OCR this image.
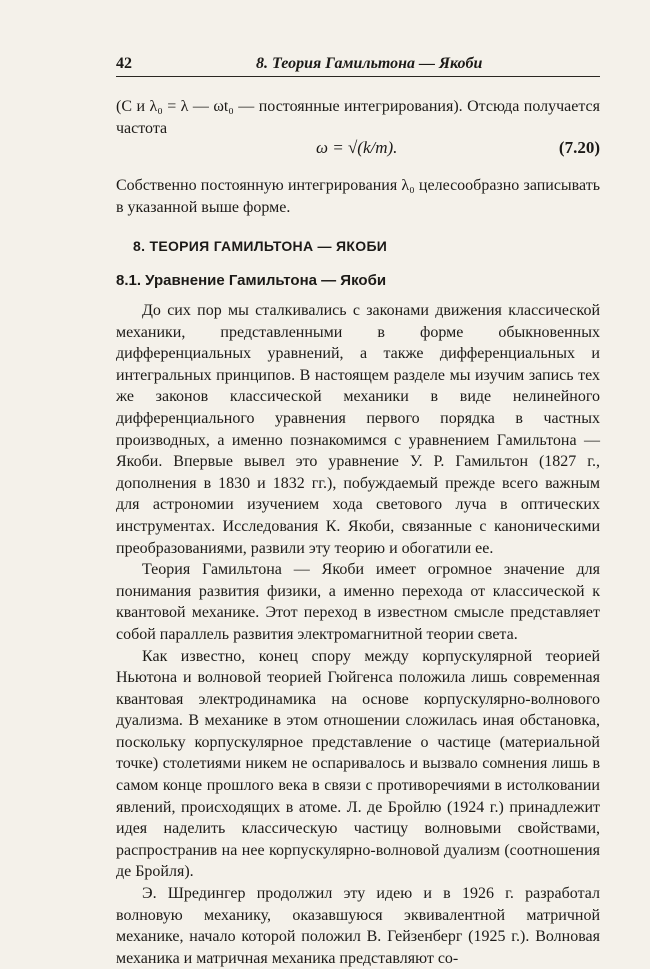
42	8. Теория Гамильтона — Якоби

(C и λ₀ = λ — ωt₀ — постоянные интегрирования). Отсюда получается частота

ω = √(k/m).	(7.20)

Собственно постоянную интегрирования λ₀ целесообразно записывать в указанной выше форме.

8. ТЕОРИЯ ГАМИЛЬТОНА — ЯКОБИ
8.1. Уравнение Гамильтона — Якоби

До сих пор мы сталкивались с законами движения классической механики, представленными в форме обыкновенных дифференциальных уравнений, а также дифференциальных и интегральных принципов. В настоящем разделе мы изучим запись тех же законов классической механики в виде нелинейного дифференциального уравнения первого порядка в частных производных, а именно познакомимся с уравнением Гамильтона — Якоби. Впервые вывел это уравнение У. Р. Гамильтон (1827 г., дополнения в 1830 и 1832 гг.), побуждаемый прежде всего важным для астрономии изучением хода светового луча в оптических инструментах. Исследования К. Якоби, связанные с каноническими преобразованиями, развили эту теорию и обогатили ее.

Теория Гамильтона — Якоби имеет огромное значение для понимания развития физики, а именно перехода от классической к квантовой механике. Этот переход в известном смысле представляет собой параллель развития электромагнитной теории света.

Как известно, конец спору между корпускулярной теорией Ньютона и волновой теорией Гюйгенса положила лишь современная квантовая электродинамика на основе корпускулярно-волнового дуализма. В механике в этом отношении сложилась иная обстановка, поскольку корпускулярное представление о частице (материальной точке) столетиями никем не оспаривалось и вызвало сомнения лишь в самом конце прошлого века в связи с противоречиями в истолковании явлений, происходящих в атоме. Л. де Бройлю (1924 г.) принадлежит идея наделить классическую частицу волновыми свойствами, распространив на нее корпускулярно-волновой дуализм (соотношения де Бройля).

Э. Шредингер продолжил эту идею и в 1926 г. разработал волновую механику, оказавшуюся эквивалентной матричной механике, начало которой положил В. Гейзенберг (1925 г.). Волновая механика и матричная механика представляют со-
